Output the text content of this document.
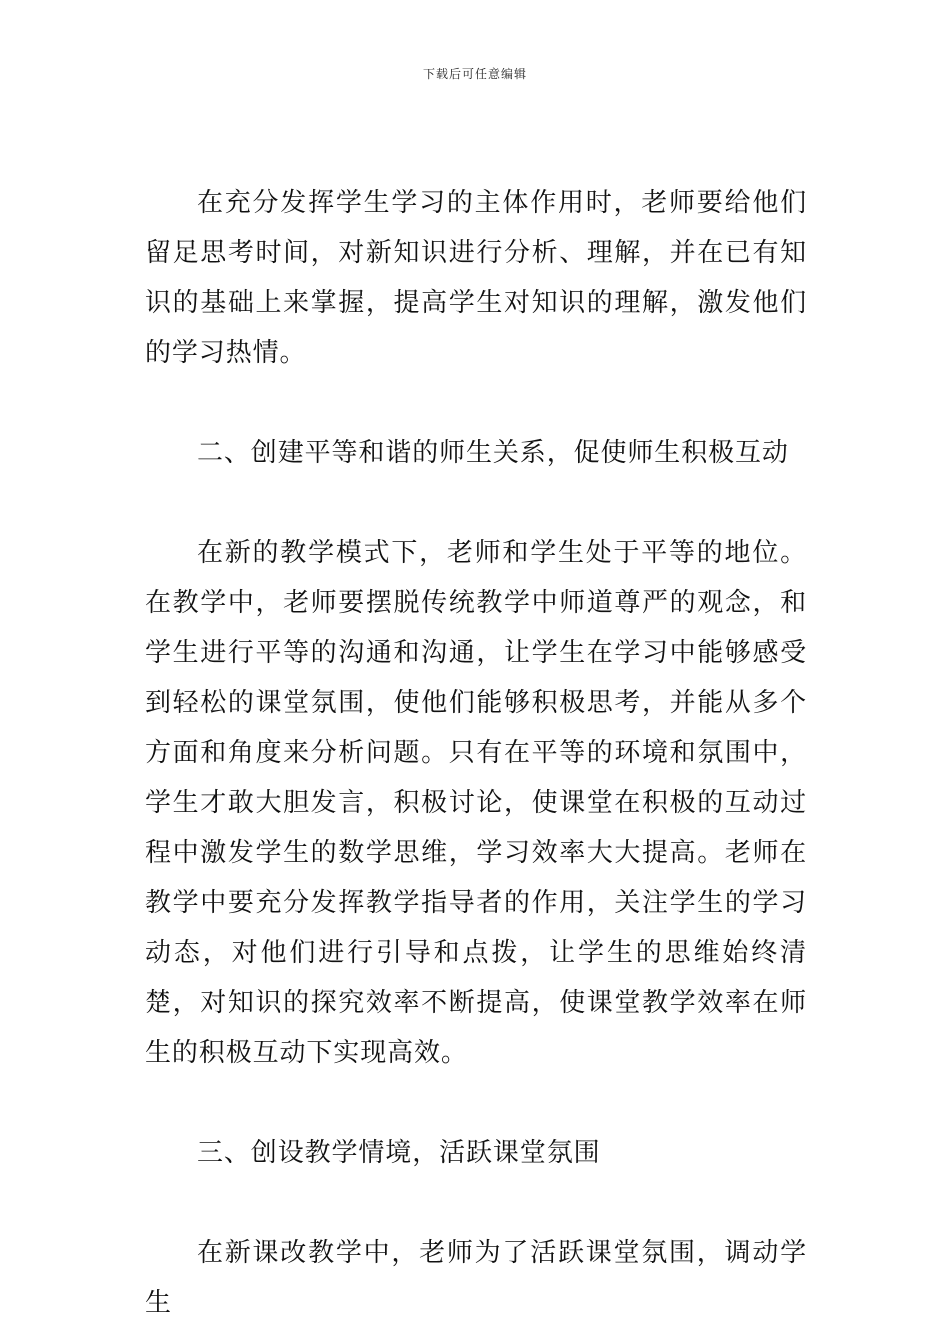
下载后可任意编辑

在充分发挥学生学习的主体作用时，老师要给他们留足思考时间，对新知识进行分析、理解，并在已有知识的基础上来掌握，提高学生对知识的理解，激发他们的学习热情。

二、创建平等和谐的师生关系，促使师生积极互动

在新的教学模式下，老师和学生处于平等的地位。在教学中，老师要摆脱传统教学中师道尊严的观念，和学生进行平等的沟通和沟通，让学生在学习中能够感受到轻松的课堂氛围，使他们能够积极思考，并能从多个方面和角度来分析问题。只有在平等的环境和氛围中，学生才敢大胆发言，积极讨论，使课堂在积极的互动过程中激发学生的数学思维，学习效率大大提高。老师在教学中要充分发挥教学指导者的作用，关注学生的学习动态，对他们进行引导和点拨，让学生的思维始终清楚，对知识的探究效率不断提高，使课堂教学效率在师生的积极互动下实现高效。

三、创设教学情境，活跃课堂氛围

在新课改教学中，老师为了活跃课堂氛围，调动学生
